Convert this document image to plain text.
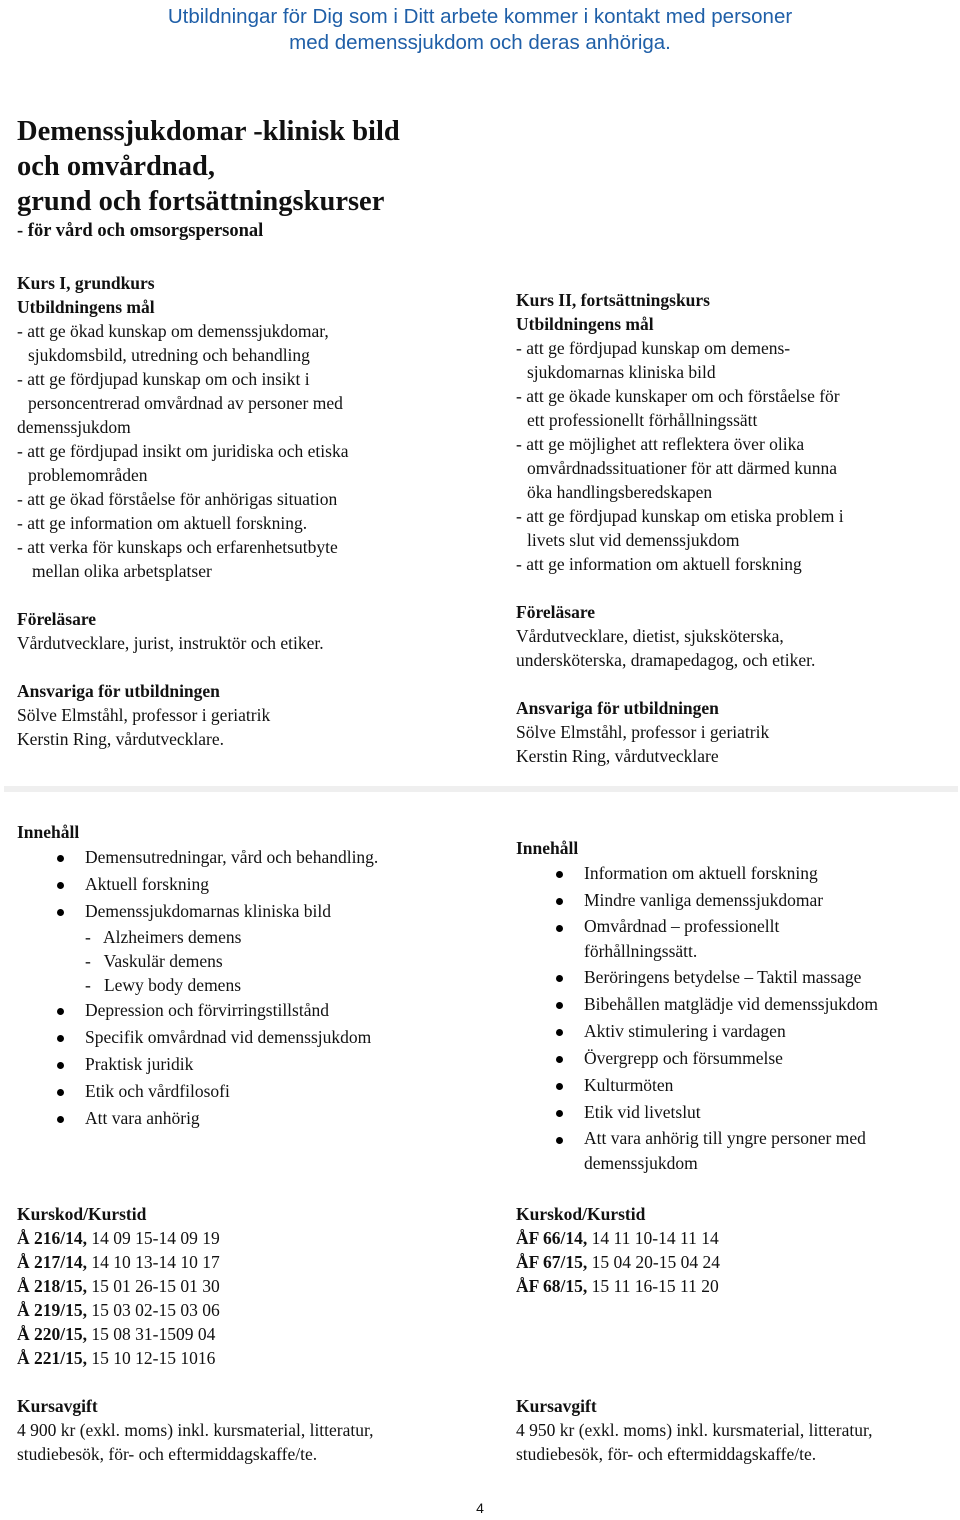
Utbildningar för Dig som i Ditt arbete kommer i kontakt med personer
med demenssjukdom och deras anhöriga.
Demenssjukdomar -klinisk bild
och omvårdnad,
grund och fortsättningskurser
- för vård och omsorgspersonal

Kurs I, grundkurs

Utbildningens mål

- att ge ökad kunskap om demenssjukdomar,

sjukdomsbild, utredning och behandling

- att ge fördjupad kunskap om och insikt i

personcentrerad omvårdnad av personer med

demenssjukdom

- att ge fördjupad insikt om juridiska och etiska

problemområden

- att ge ökad förståelse för anhörigas situation

- att ge information om aktuell forskning.

- att verka för kunskaps och erfarenhetsutbyte

mellan olika arbetsplatser

Föreläsare

Vårdutvecklare, jurist, instruktör och etiker.

Ansvariga för utbildningen

Sölve Elmståhl, professor i geriatrik

Kerstin Ring, vårdutvecklare.

Kurs II, fortsättningskurs

Utbildningens mål

- att ge fördjupad kunskap om demens-

sjukdomarnas kliniska bild

- att ge ökade kunskaper om och förståelse för

ett professionellt förhållningssätt

- att ge möjlighet att reflektera över olika

omvårdnadssituationer för att därmed kunna

öka handlingsberedskapen

- att ge fördjupad kunskap om etiska problem i

livets slut vid demenssjukdom

- att ge information om aktuell forskning

Föreläsare

Vårdutvecklare, dietist, sjuksköterska,

undersköterska, dramapedagog, och etiker.

Ansvariga för utbildningen

Sölve Elmståhl, professor i geriatrik

Kerstin Ring, vårdutvecklare

Innehåll

Demensutredningar, vård och behandling.
Aktuell forskning
Demenssjukdomarnas kliniska bild
-   Alzheimers demens
-   Vaskulär demens
-   Lewy body demens
Depression och förvirringstillstånd
Specifik omvårdnad vid demenssjukdom
Praktisk juridik
Etik och vårdfilosofi
Att vara anhörig

Innehåll

Information om aktuell forskning
Mindre vanliga demenssjukdomar
Omvårdnad – professionellt
förhållningssätt.
Beröringens betydelse – Taktil massage
Bibehållen matglädje vid demenssjukdom
Aktiv stimulering i vardagen
Övergrepp och försummelse
Kulturmöten
Etik vid livetslut
Att vara anhörig till yngre personer med
demenssjukdom

Kurskod/Kurstid

Å 216/14, 14 09 15-14 09 19

Å 217/14, 14 10 13-14 10 17

Å 218/15, 15 01 26-15 01 30

Å 219/15, 15 03 02-15 03 06

Å 220/15, 15 08 31-1509 04

Å 221/15, 15 10 12-15 1016

Kursavgift

4 900 kr (exkl. moms) inkl. kursmaterial, litteratur,

studiebesök, för- och eftermiddagskaffe/te.

Kurskod/Kurstid

ÅF 66/14, 14 11 10-14 11 14

ÅF 67/15, 15 04 20-15 04 24

ÅF 68/15, 15 11 16-15 11 20

Kursavgift

4 950 kr (exkl. moms) inkl. kursmaterial, litteratur,

studiebesök, för- och eftermiddagskaffe/te.

4
